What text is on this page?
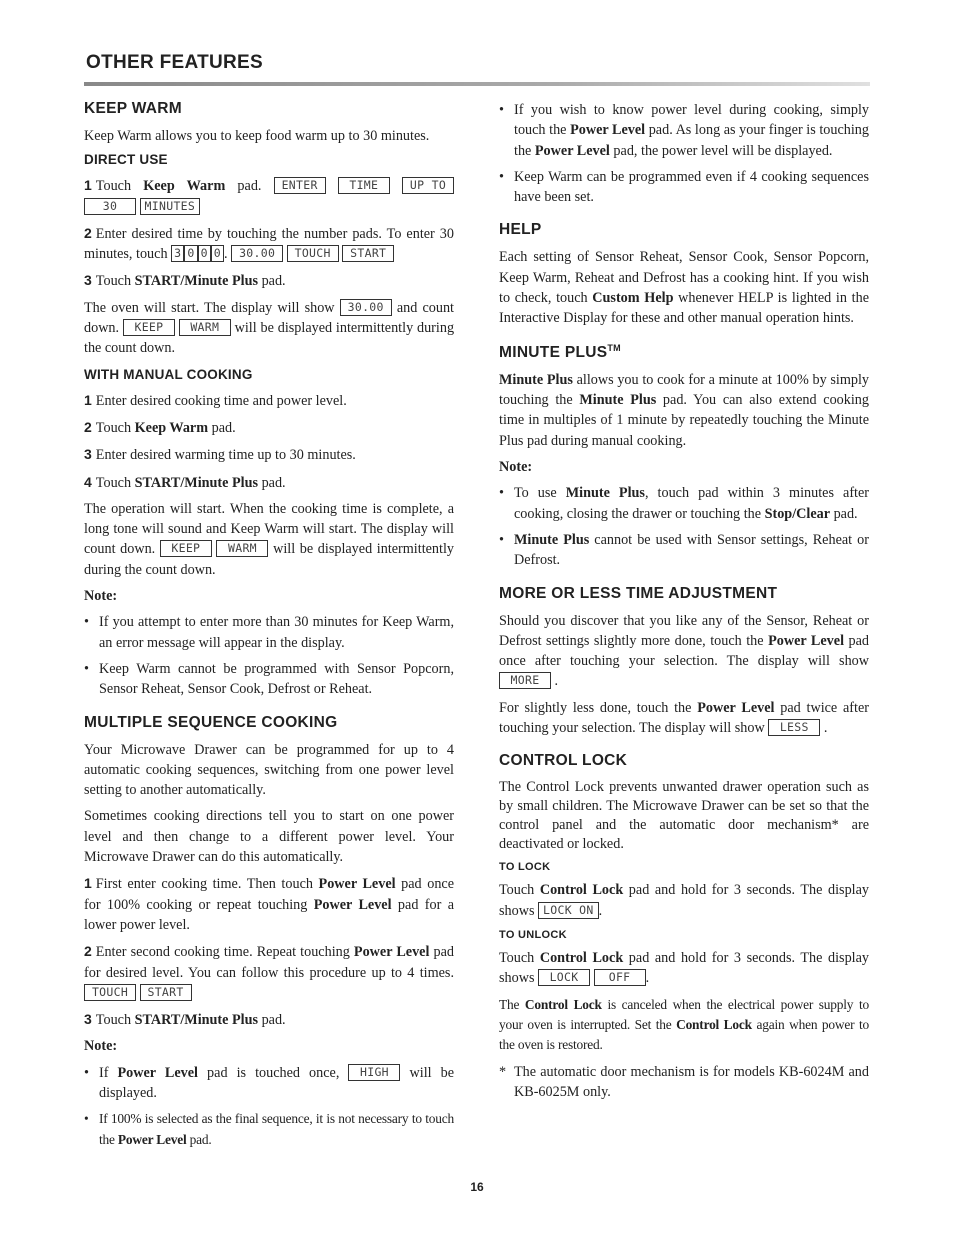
OTHER FEATURES
KEEP WARM

Keep Warm allows you to keep food warm up to 30 minutes.

DIRECT USE

1 Touch Keep Warm pad. ENTER	TIME	UP TO 30 MINUTES

2 Enter desired time by touching the number pads. To enter 30 minutes, touch 3 0 0 0 . 30.00 TOUCH START

3 Touch START/Minute Plus pad.

The oven will start. The display will show 30.00 and count down. KEEP WARM will be displayed intermittently during the count down.

WITH MANUAL COOKING

1 Enter desired cooking time and power level.

2 Touch Keep Warm pad.

3 Enter desired warming time up to 30 minutes.

4 Touch START/Minute Plus pad.

The operation will start. When the cooking time is complete, a long tone will sound and Keep Warm will start. The display will count down. KEEP WARM will be displayed intermittently during the count down.

Note:

• If you attempt to enter more than 30 minutes for Keep Warm, an error message will appear in the display.
• Keep Warm cannot be programmed with Sensor Popcorn, Sensor Reheat, Sensor Cook, Defrost or Reheat.
MULTIPLE SEQUENCE COOKING

Your Microwave Drawer can be programmed for up to 4 automatic cooking sequences, switching from one power level setting to another automatically.

Sometimes cooking directions tell you to start on one power level and then change to a different power level. Your Microwave Drawer can do this automatically.

1 First enter cooking time. Then touch Power Level pad once for 100% cooking or repeat touching Power Level pad for a lower power level.

2 Enter second cooking time. Repeat touching Power Level pad for desired level. You can follow this procedure up to 4 times. TOUCH START

3 Touch START/Minute Plus pad.

Note:

• If Power Level pad is touched once, HIGH will be displayed.
• If 100% is selected as the final sequence, it is not necessary to touch the Power Level pad.
• If you wish to know power level during cooking, simply touch the Power Level pad. As long as your finger is touching the Power Level pad, the power level will be displayed.
• Keep Warm can be programmed even if 4 cooking sequences have been set.
HELP

Each setting of Sensor Reheat, Sensor Cook, Sensor Popcorn, Keep Warm, Reheat and Defrost has a cooking hint. If you wish to check, touch Custom Help whenever HELP is lighted in the Interactive Display for these and other manual operation hints.

MINUTE PLUS™

Minute Plus allows you to cook for a minute at 100% by simply touching the Minute Plus pad. You can also extend cooking time in multiples of 1 minute by repeatedly touching the Minute Plus pad during manual cooking.

Note:

• To use Minute Plus, touch pad within 3 minutes after cooking, closing the drawer or touching the Stop/Clear pad.
• Minute Plus cannot be used with Sensor settings, Reheat or Defrost.
MORE OR LESS TIME ADJUSTMENT

Should you discover that you like any of the Sensor, Reheat or Defrost settings slightly more done, touch the Power Level pad once after touching your selection. The display will show MORE .

For slightly less done, touch the Power Level pad twice after touching your selection. The display will show LESS .

CONTROL LOCK

The Control Lock prevents unwanted drawer operation such as by small children. The Microwave Drawer can be set so that the control panel and the automatic door mechanism* are deactivated or locked.

TO LOCK

Touch Control Lock pad and hold for 3 seconds. The display shows LOCK ON .

TO UNLOCK

Touch Control Lock pad and hold for 3 seconds. The display shows LOCK	OFF .

The Control Lock is canceled when the electrical power supply to your oven is interrupted. Set the Control Lock again when power to the oven is restored.

* The automatic door mechanism is for models KB-6024M and KB-6025M only.
16
